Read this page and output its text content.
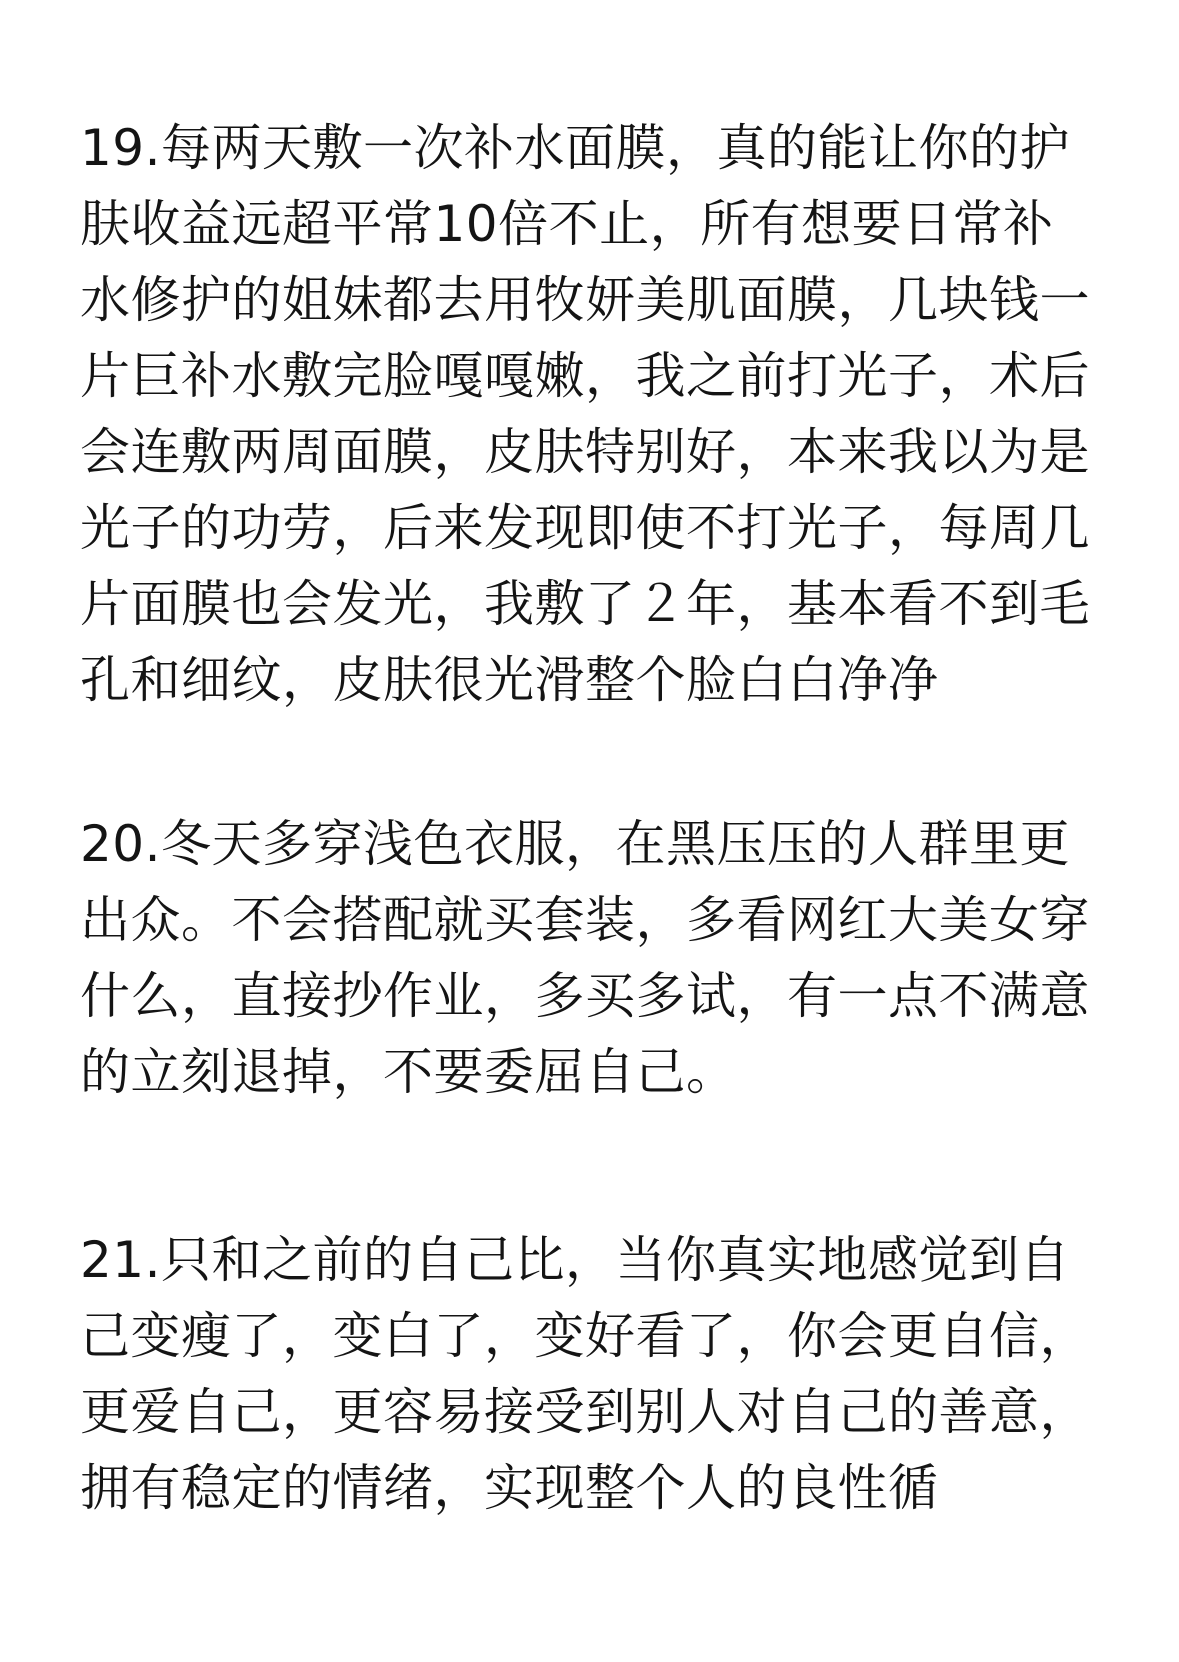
19.每两天敷一次补水面膜，真的能让你的护
肤收益远超平常10倍不止，所有想要日常补
水修护的姐妹都去用牧妍美肌面膜，几块钱一
片巨补水敷完脸嘎嘎嫩，我之前打光子，术后
会连敷两周面膜，皮肤特别好，本来我以为是
光子的功劳，后来发现即使不打光子，每周几
片面膜也会发光，我敷了２年，基本看不到毛
孔和细纹，皮肤很光滑整个脸白白净净
20.冬天多穿浅色衣服，在黑压压的人群里更
出众。不会搭配就买套装，多看网红大美女穿
什么，直接抄作业，多买多试，有一点不满意
的立刻退掉，不要委屈自己。
21.只和之前的自己比，当你真实地感觉到自
己变瘦了，变白了，变好看了，你会更自信，
更爱自己，更容易接受到别人对自己的善意，
拥有稳定的情绪，实现整个人的良性循
